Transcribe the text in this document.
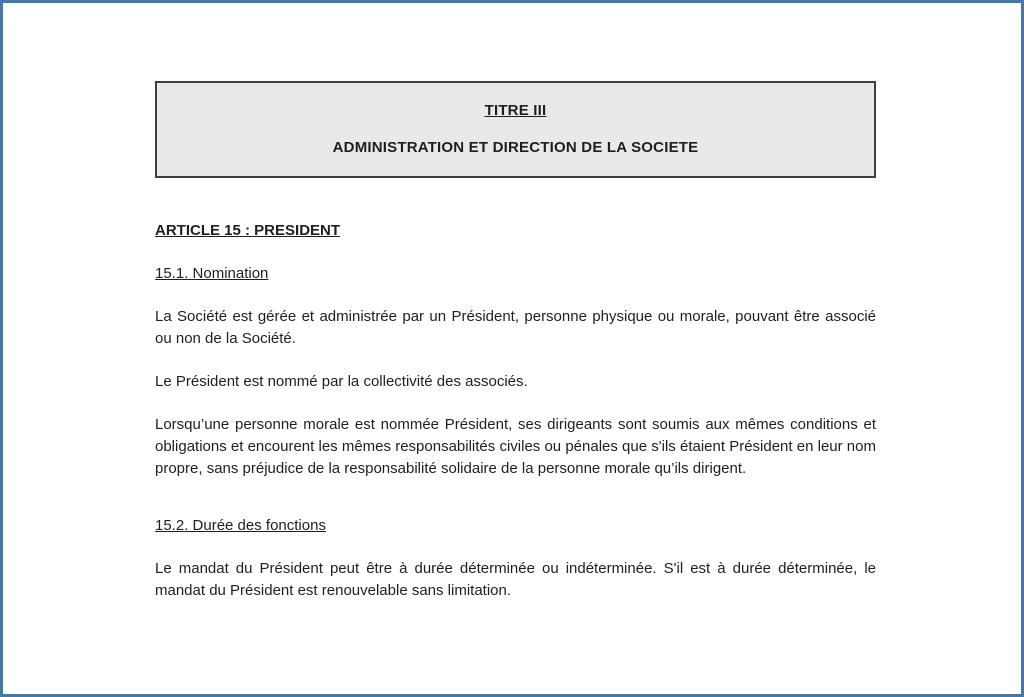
TITRE III
ADMINISTRATION ET DIRECTION DE LA SOCIETE
ARTICLE 15 : PRESIDENT
15.1. Nomination

La Société est gérée et administrée par un Président, personne physique ou morale, pouvant être associé ou non de la Société.

Le Président est nommé par la collectivité des associés.

Lorsqu’une personne morale est nommée Président, ses dirigeants sont soumis aux mêmes conditions et obligations et encourent les mêmes responsabilités civiles ou pénales que s'ils étaient Président en leur nom propre, sans préjudice de la responsabilité solidaire de la personne morale qu’ils dirigent.

15.2. Durée des fonctions

Le mandat du Président peut être à durée déterminée ou indéterminée. S'il est à durée déterminée, le mandat du Président est renouvelable sans limitation.
